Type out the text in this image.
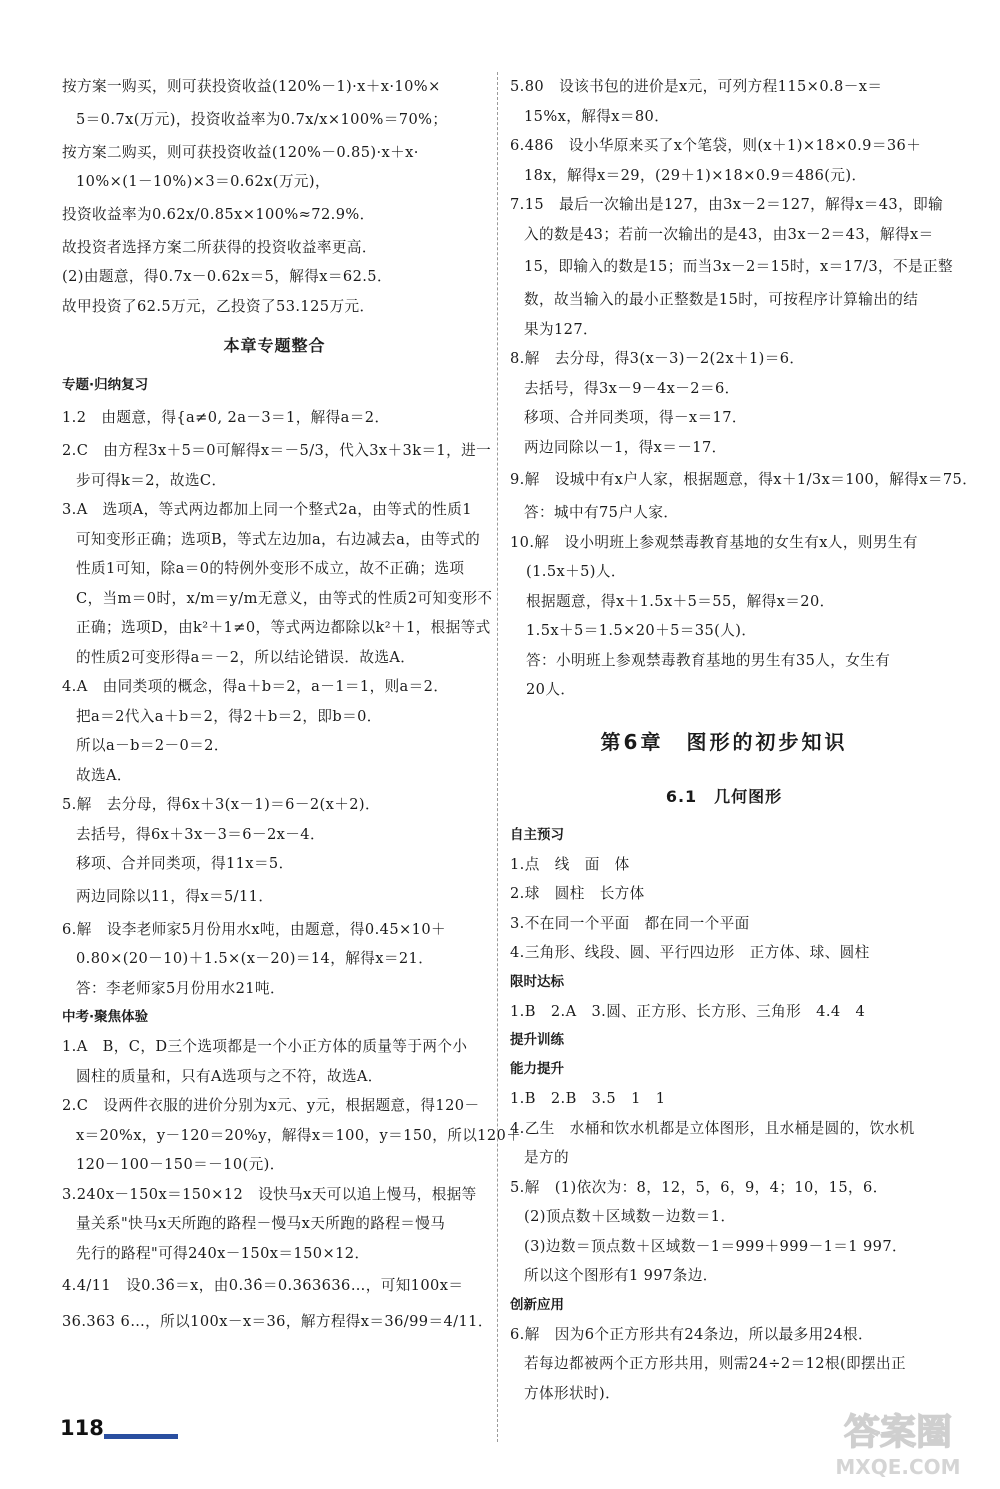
按方案一购买，则可获投资收益(120%－1)·x＋x·10%×
5＝0.7x(万元)，投资收益率为0.7x/x×100%＝70%；
按方案二购买，则可获投资收益(120%－0.85)·x＋x·
10%×(1－10%)×3＝0.62x(万元)，
投资收益率为0.62x/0.85x×100%≈72.9%．
故投资者选择方案二所获得的投资收益率更高．
(2)由题意，得0.7x－0.62x＝5，解得x＝62.5．
故甲投资了62.5万元，乙投资了53.125万元．
本章专题整合
专题·归纳复习
1.2　由题意，得{a≠0, 2a－3＝1，解得a＝2．
2.C　由方程3x＋5＝0可解得x＝－5/3，代入3x＋3k＝1，进一
步可得k＝2，故选C．
3.A　选项A，等式两边都加上同一个整式2a，由等式的性质1
可知变形正确；选项B，等式左边加a，右边减去a，由等式的
性质1可知，除a＝0的特例外变形不成立，故不正确；选项
C，当m＝0时，x/m＝y/m无意义，由等式的性质2可知变形不
正确；选项D，由k²＋1≠0，等式两边都除以k²＋1，根据等式
的性质2可变形得a＝－2，所以结论错误．故选A．
4.A　由同类项的概念，得a＋b＝2，a－1＝1，则a＝2．
把a＝2代入a＋b＝2，得2＋b＝2，即b＝0．
所以a－b＝2－0＝2．
故选A．
5.解　去分母，得6x＋3(x－1)＝6－2(x＋2)．
去括号，得6x＋3x－3＝6－2x－4．
移项、合并同类项，得11x＝5．
两边同除以11，得x＝5/11．
6.解　设李老师家5月份用水x吨，由题意，得0.45×10＋
0.80×(20－10)＋1.5×(x－20)＝14，解得x＝21．
答：李老师家5月份用水21吨．
中考·聚焦体验
1.A　B，C，D三个选项都是一个小正方体的质量等于两个小
圆柱的质量和，只有A选项与之不符，故选A．
2.C　设两件衣服的进价分别为x元、y元，根据题意，得120－
x＝20%x，y－120＝20%y，解得x＝100，y＝150，所以120＋
120－100－150＝－10(元)．
3.240x－150x＝150×12　设快马x天可以追上慢马，根据等
量关系"快马x天所跑的路程－慢马x天所跑的路程＝慢马
先行的路程"可得240x－150x＝150×12．
4.4/11　设0.3̇6̇＝x，由0.3̇6̇＝0.363636…，可知100x＝
36.363 6…，所以100x－x＝36，解方程得x＝36/99＝4/11．
5.80　设该书包的进价是x元，可列方程115×0.8－x＝
15%x，解得x＝80．
6.486　设小华原来买了x个笔袋，则(x＋1)×18×0.9＝36＋
18x，解得x＝29，(29＋1)×18×0.9＝486(元)．
7.15　最后一次输出是127，由3x－2＝127，解得x＝43，即输
入的数是43；若前一次输出的是43，由3x－2＝43，解得x＝
15，即输入的数是15；而当3x－2＝15时，x＝17/3，不是正整
数，故当输入的最小正整数是15时，可按程序计算输出的结
果为127．
8.解　去分母，得3(x－3)－2(2x＋1)＝6．
去括号，得3x－9－4x－2＝6．
移项、合并同类项，得－x＝17．
两边同除以－1，得x＝－17．
9.解　设城中有x户人家，根据题意，得x＋1/3x＝100，解得x＝75．
答：城中有75户人家．
10.解　设小明班上参观禁毒教育基地的女生有x人，则男生有
(1.5x＋5)人．
根据题意，得x＋1.5x＋5＝55，解得x＝20．
1.5x＋5＝1.5×20＋5＝35(人)．
答：小明班上参观禁毒教育基地的男生有35人，女生有
20人．
第6章　图形的初步知识
6.1　几何图形
自主预习
1.点　线　面　体
2.球　圆柱　长方体
3.不在同一个平面　都在同一个平面
4.三角形、线段、圆、平行四边形　正方体、球、圆柱
限时达标
1.B　2.A　3.圆、正方形、长方形、三角形　4.4　4
提升训练
能力提升
1.B　2.B　3.5　1　1
4.乙生　水桶和饮水机都是立体图形，且水桶是圆的，饮水机
是方的
5.解　(1)依次为：8，12，5，6，9，4；10，15，6．
(2)顶点数＋区域数－边数＝1．
(3)边数＝顶点数＋区域数－1＝999＋999－1＝1 997．
所以这个图形有1 997条边．
创新应用
6.解　因为6个正方形共有24条边，所以最多用24根．
若每边都被两个正方形共用，则需24÷2＝12根(即摆出正
方体形状时)．
118	答案圈
MXQE.COM
